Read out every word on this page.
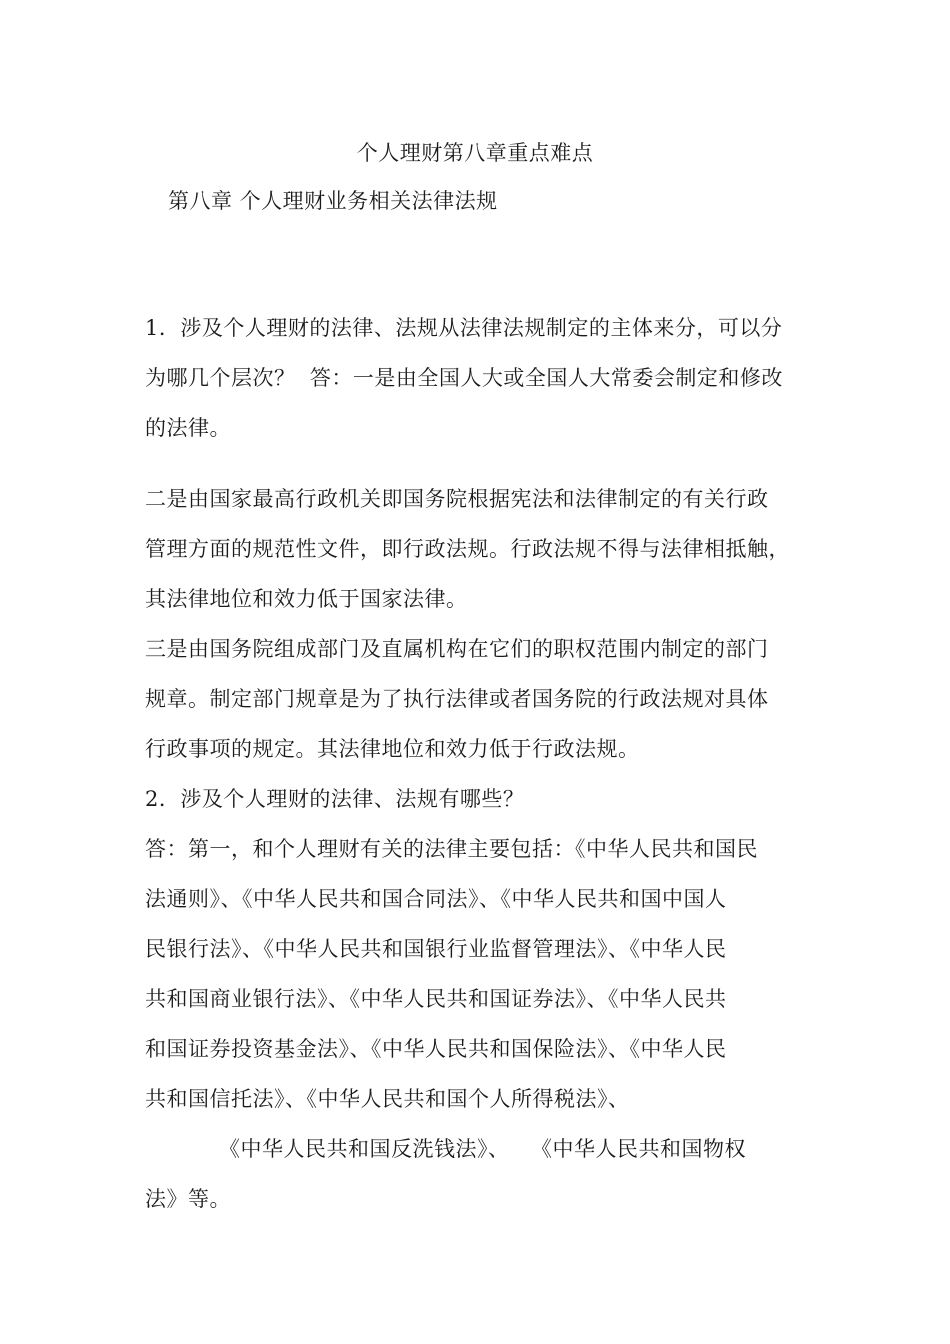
个人理财第八章重点难点
第八章 个人理财业务相关法律法规
1．涉及个人理财的法律、法规从法律法规制定的主体来分，可以分
为哪几个层次？  答：一是由全国人大或全国人大常委会制定和修改
的法律。
二是由国家最高行政机关即国务院根据宪法和法律制定的有关行政
管理方面的规范性文件，即行政法规。行政法规不得与法律相抵触，
其法律地位和效力低于国家法律。
三是由国务院组成部门及直属机构在它们的职权范围内制定的部门
规章。制定部门规章是为了执行法律或者国务院的行政法规对具体
行政事项的规定。其法律地位和效力低于行政法规。
2．涉及个人理财的法律、法规有哪些？
答：第一，和个人理财有关的法律主要包括：《中华人民共和国民
法通则》、《中华人民共和国合同法》、《中华人民共和国中国人
民银行法》、《中华人民共和国银行业监督管理法》、《中华人民
共和国商业银行法》、《中华人民共和国证券法》、《中华人民共
和国证券投资基金法》、《中华人民共和国保险法》、《中华人民
共和国信托法》、《中华人民共和国个人所得税法》、
《中华人民共和国反洗钱法》、   《中华人民共和国物权
法》等。
